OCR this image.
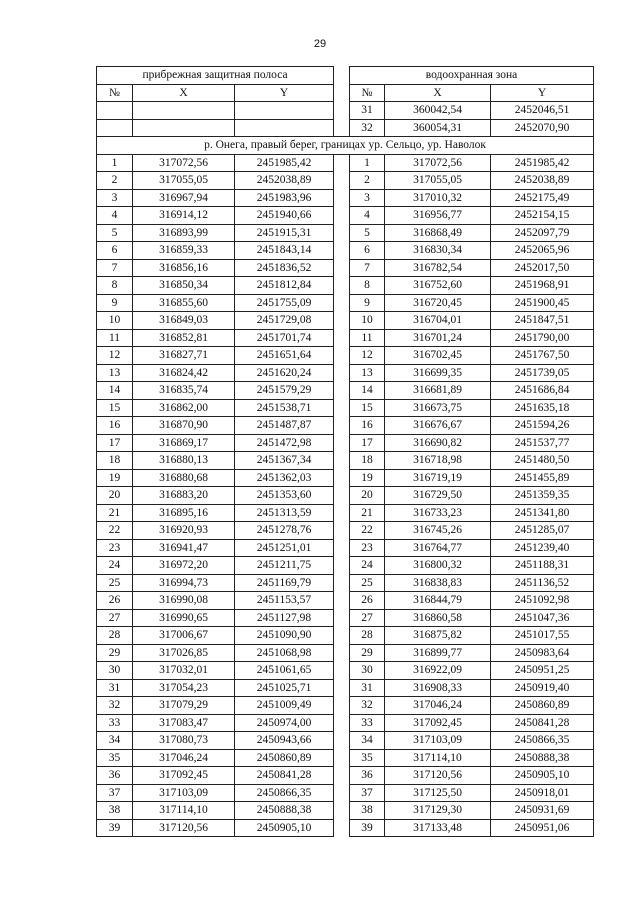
29
прибрежная защитная полоса				водоохранная зона		
№	X	Y		№	X	Y
				31	360042,54	2452046,51
				32	360054,31	2452070,90
р. Онега, правый берег, границах ур. Сельцо, ур. Наволок						
1	317072,56	2451985,42		1	317072,56	2451985,42
2	317055,05	2452038,89		2	317055,05	2452038,89
3	316967,94	2451983,96		3	317010,32	2452175,49
4	316914,12	2451940,66		4	316956,77	2452154,15
5	316893,99	2451915,31		5	316868,49	2452097,79
6	316859,33	2451843,14		6	316830,34	2452065,96
7	316856,16	2451836,52		7	316782,54	2452017,50
8	316850,34	2451812,84		8	316752,60	2451968,91
9	316855,60	2451755,09		9	316720,45	2451900,45
10	316849,03	2451729,08		10	316704,01	2451847,51
11	316852,81	2451701,74		11	316701,24	2451790,00
12	316827,71	2451651,64		12	316702,45	2451767,50
13	316824,42	2451620,24		13	316699,35	2451739,05
14	316835,74	2451579,29		14	316681,89	2451686,84
15	316862,00	2451538,71		15	316673,75	2451635,18
16	316870,90	2451487,87		16	316676,67	2451594,26
17	316869,17	2451472,98		17	316690,82	2451537,77
18	316880,13	2451367,34		18	316718,98	2451480,50
19	316880,68	2451362,03		19	316719,19	2451455,89
20	316883,20	2451353,60		20	316729,50	2451359,35
21	316895,16	2451313,59		21	316733,23	2451341,80
22	316920,93	2451278,76		22	316745,26	2451285,07
23	316941,47	2451251,01		23	316764,77	2451239,40
24	316972,20	2451211,75		24	316800,32	2451188,31
25	316994,73	2451169,79		25	316838,83	2451136,52
26	316990,08	2451153,57		26	316844,79	2451092,98
27	316990,65	2451127,98		27	316860,58	2451047,36
28	317006,67	2451090,90		28	316875,82	2451017,55
29	317026,85	2451068,98		29	316899,77	2450983,64
30	317032,01	2451061,65		30	316922,09	2450951,25
31	317054,23	2451025,71		31	316908,33	2450919,40
32	317079,29	2451009,49		32	317046,24	2450860,89
33	317083,47	2450974,00		33	317092,45	2450841,28
34	317080,73	2450943,66		34	317103,09	2450866,35
35	317046,24	2450860,89		35	317114,10	2450888,38
36	317092,45	2450841,28		36	317120,56	2450905,10
37	317103,09	2450866,35		37	317125,50	2450918,01
38	317114,10	2450888,38		38	317129,30	2450931,69
39	317120,56	2450905,10		39	317133,48	2450951,06
